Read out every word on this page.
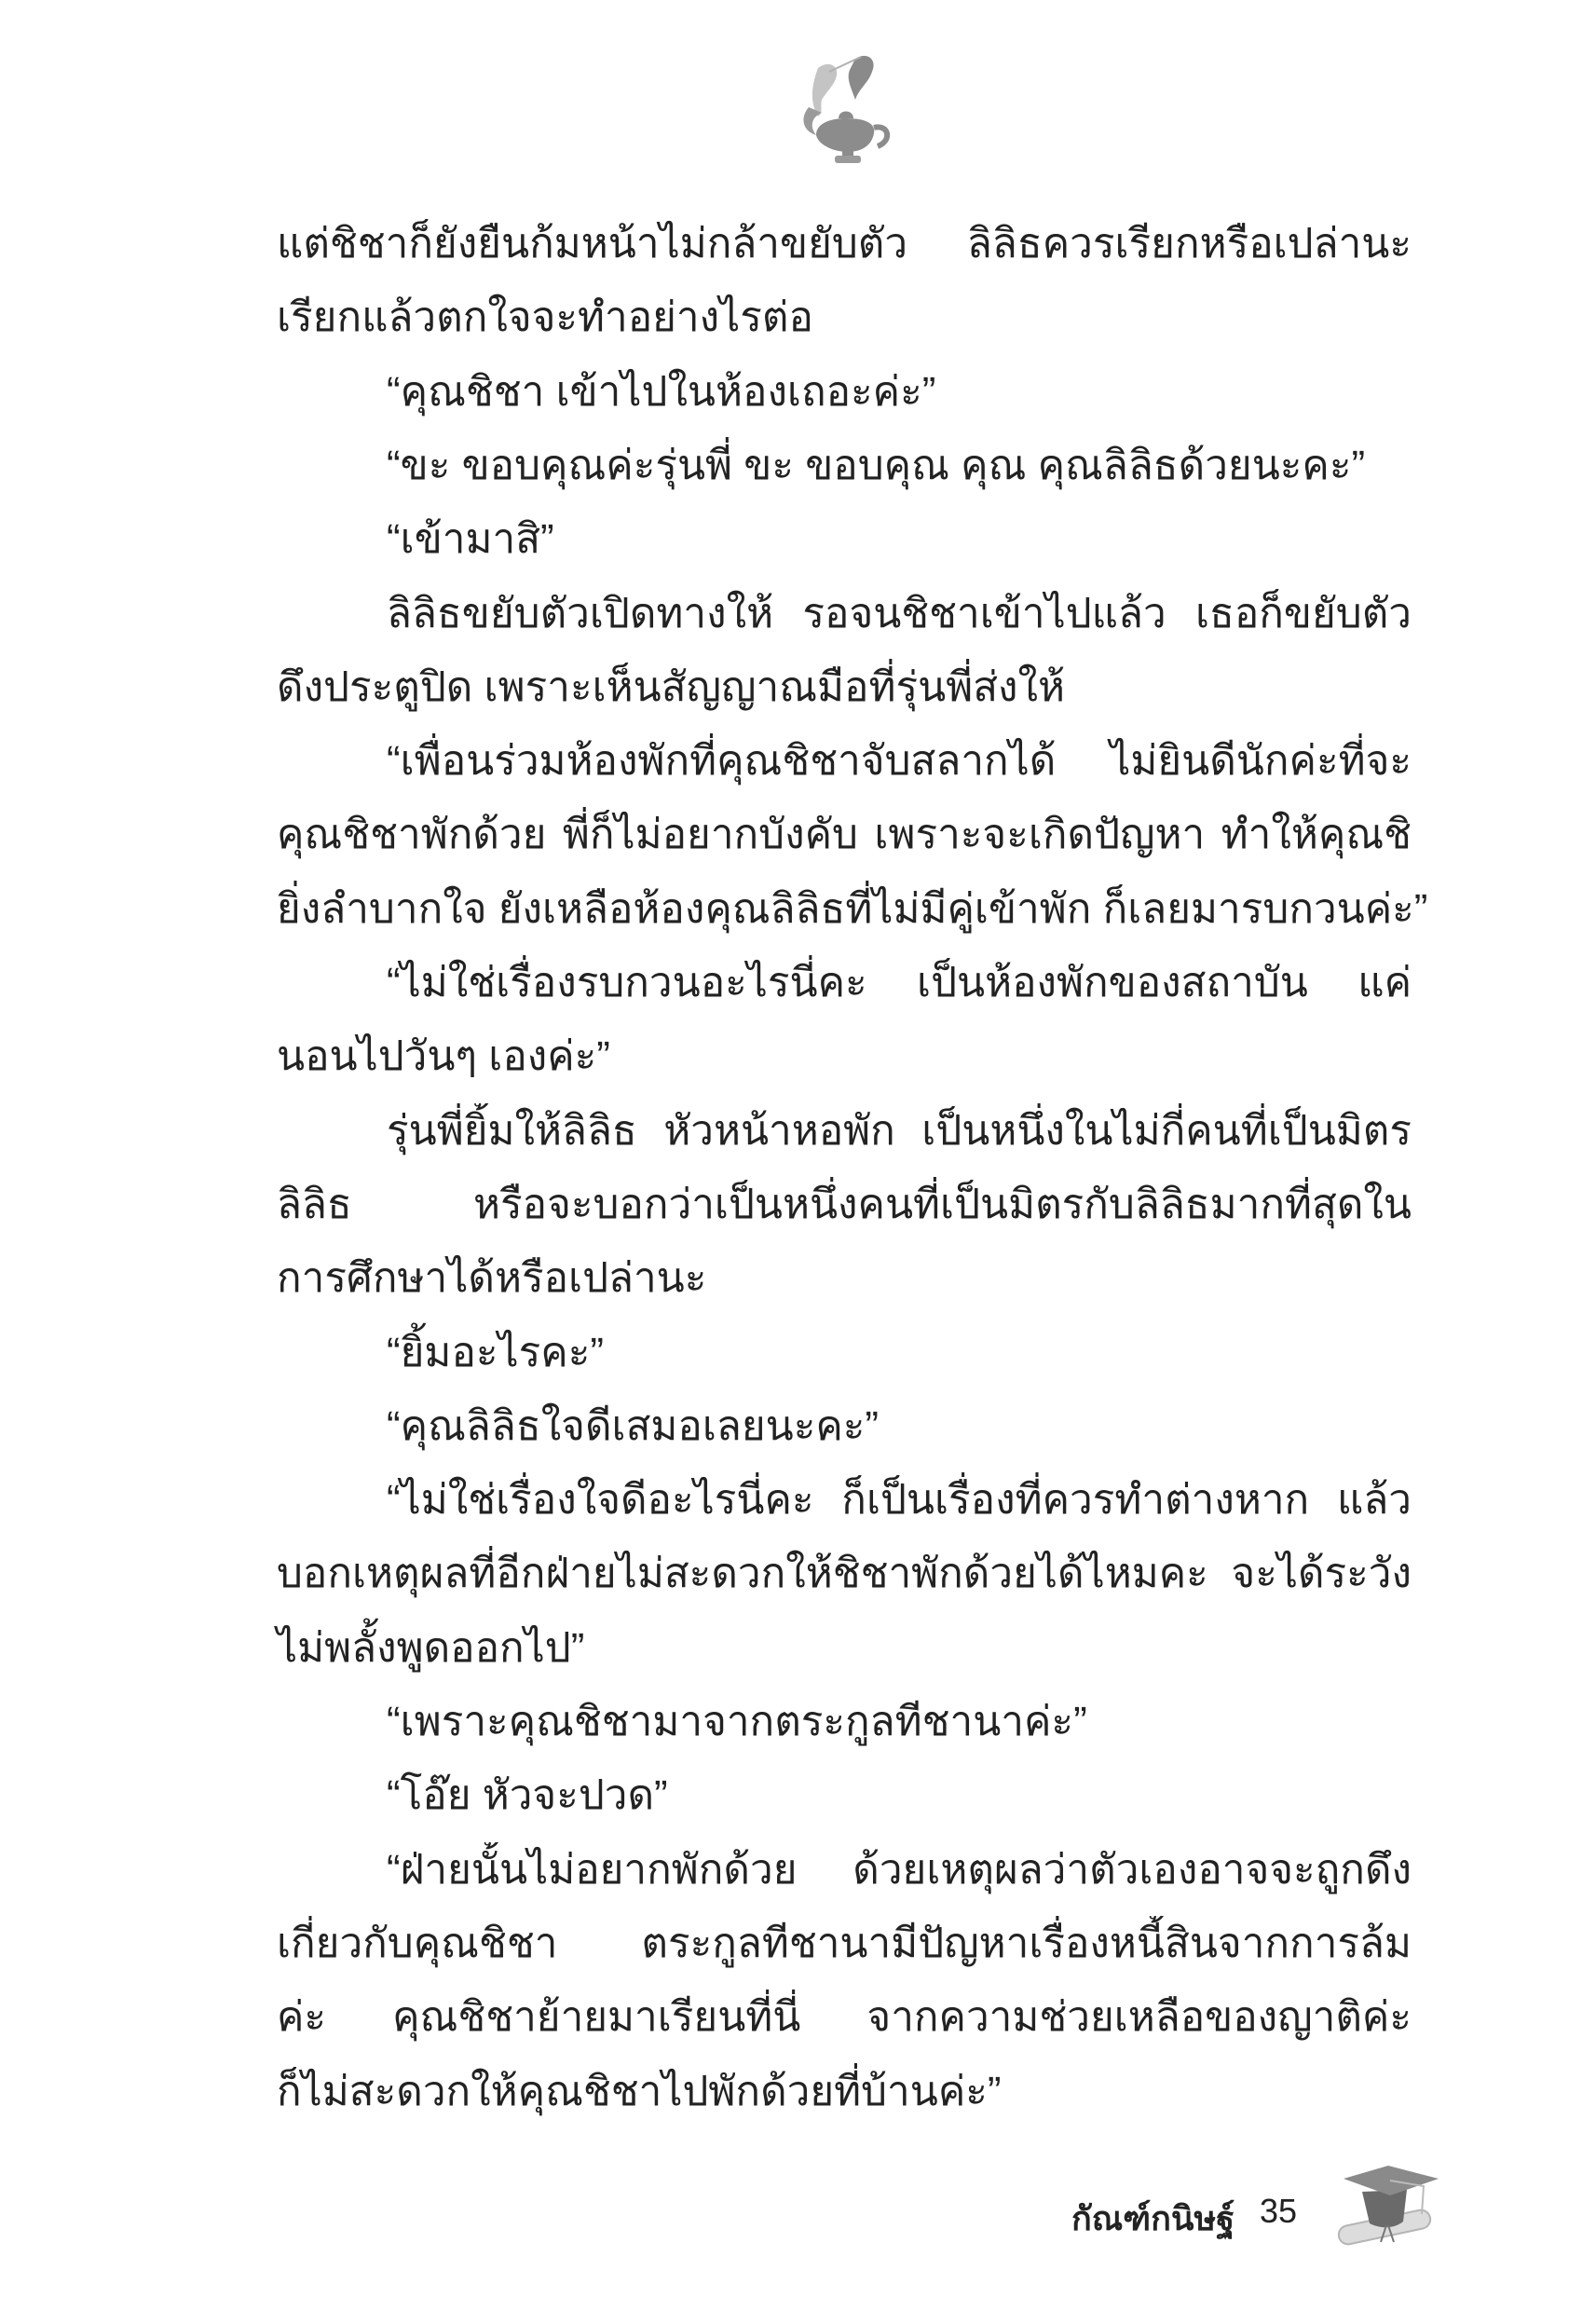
แต่ชิชาก็ยังยืนก้มหน้าไม่กล้าขยับตัว ลิลิธควรเรียกหรือเปล่านะ
เรียกแล้วตกใจจะทำอย่างไรต่อ
“คุณชิชา เข้าไปในห้องเถอะค่ะ”
“ขะ ขอบคุณค่ะรุ่นพี่ ขะ ขอบคุณ คุณ คุณลิลิธด้วยนะคะ”
“เข้ามาสิ”
ลิลิธขยับตัวเปิดทางให้ รอจนชิชาเข้าไปแล้ว เธอก็ขยับตัว
ดึงประตูปิด เพราะเห็นสัญญาณมือที่รุ่นพี่ส่งให้
“เพื่อนร่วมห้องพักที่คุณชิชาจับสลากได้ ไม่ยินดีนักค่ะที่จะ
คุณชิชาพักด้วย พี่ก็ไม่อยากบังคับ เพราะจะเกิดปัญหา ทำให้คุณชิ
ยิ่งลำบากใจ ยังเหลือห้องคุณลิลิธที่ไม่มีคู่เข้าพัก ก็เลยมารบกวนค่ะ”
“ไม่ใช่เรื่องรบกวนอะไรนี่คะ เป็นห้องพักของสถาบัน แค่
นอนไปวันๆ เองค่ะ”
รุ่นพี่ยิ้มให้ลิลิธ หัวหน้าหอพัก เป็นหนึ่งในไม่กี่คนที่เป็นมิตร
ลิลิธ หรือจะบอกว่าเป็นหนึ่งคนที่เป็นมิตรกับลิลิธมากที่สุดใน
การศึกษาได้หรือเปล่านะ
“ยิ้มอะไรคะ”
“คุณลิลิธใจดีเสมอเลยนะคะ”
“ไม่ใช่เรื่องใจดีอะไรนี่คะ ก็เป็นเรื่องที่ควรทำต่างหาก แล้ว
บอกเหตุผลที่อีกฝ่ายไม่สะดวกให้ชิชาพักด้วยได้ไหมคะ จะได้ระวัง
ไม่พลั้งพูดออกไป”
“เพราะคุณชิชามาจากตระกูลทีชานาค่ะ”
“โอ๊ย หัวจะปวด”
“ฝ่ายนั้นไม่อยากพักด้วย ด้วยเหตุผลว่าตัวเองอาจจะถูกดึง
เกี่ยวกับคุณชิชา ตระกูลทีชานามีปัญหาเรื่องหนี้สินจากการล้ม
ค่ะ คุณชิชาย้ายมาเรียนที่นี่ จากความช่วยเหลือของญาติค่ะ
ก็ไม่สะดวกให้คุณชิชาไปพักด้วยที่บ้านค่ะ”
กัณฑ์กนิษฐ์ 35
